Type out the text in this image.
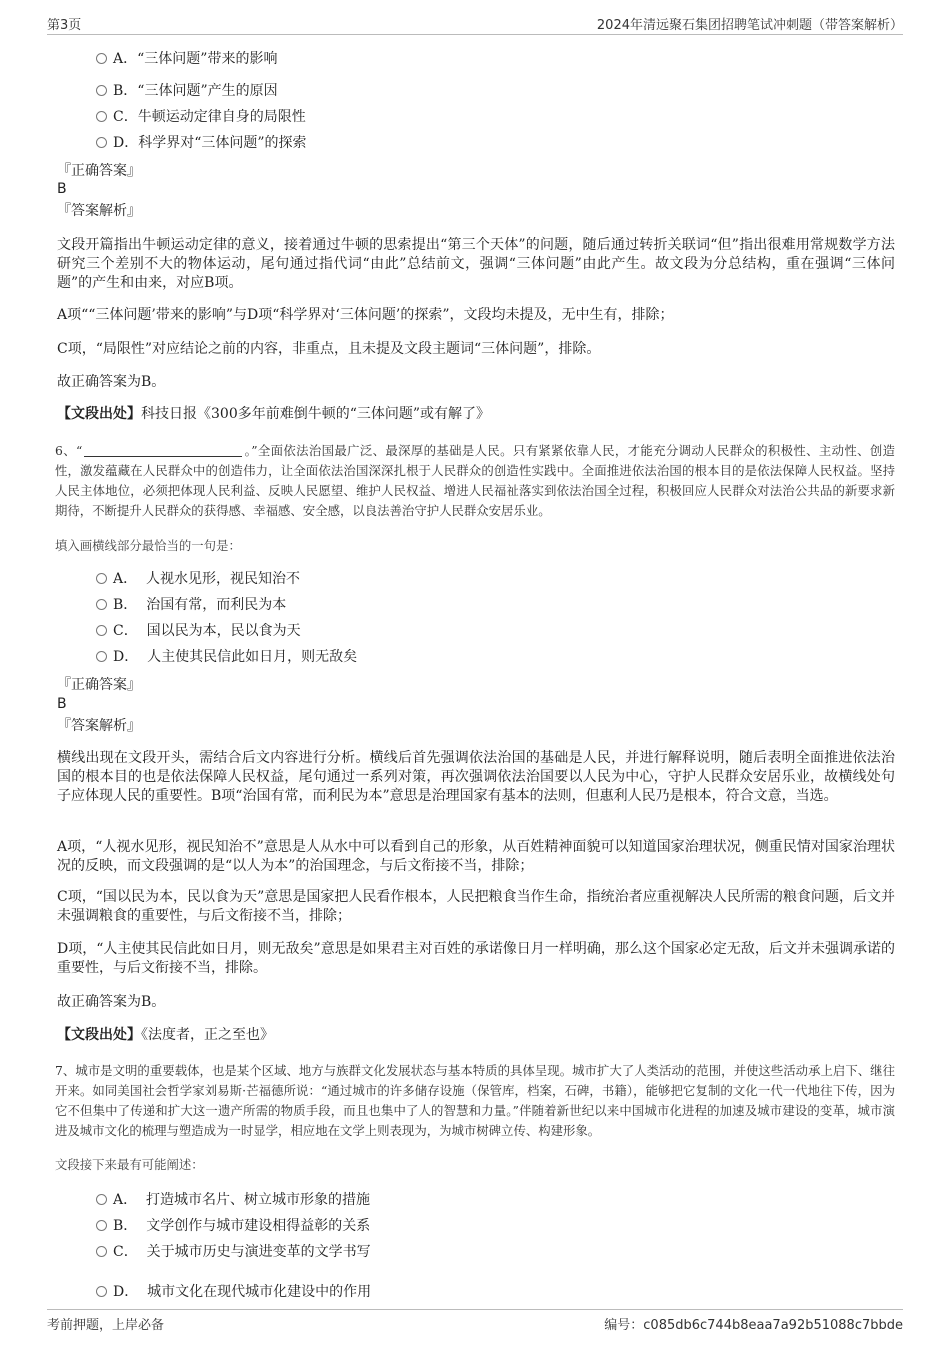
第3页	2024年清远聚石集团招聘笔试冲刺题（带答案解析）
A．“三体问题”带来的影响
B．“三体问题”产生的原因
C．牛顿运动定律自身的局限性
D．科学界对“三体问题”的探索
『正确答案』
B
『答案解析』
文段开篇指出牛顿运动定律的意义，接着通过牛顿的思索提出“第三个天体”的问题，随后通过转折关联词“但”指出很难用常规数学方法研究三个差别不大的物体运动，尾句通过指代词“由此”总结前文，强调“三体问题”由此产生。故文段为分总结构，重在强调“三体问题”的产生和由来，对应B项。
A项““三体问题’带来的影响”与D项“科学界对‘三体问题’的探索”，文段均未提及，无中生有，排除；
C项，“局限性”对应结论之前的内容，非重点，且未提及文段主题词“三体问题”，排除。
故正确答案为B。
【文段出处】科技日报《300多年前难倒牛顿的“三体问题”或有解了》
6、“	。”全面依法治国最广泛、最深厚的基础是人民。只有紧紧依靠人民，才能充分调动人民群众的积极性、主动性、创造性，激发蕴藏在人民群众中的创造伟力，让全面依法治国深深扎根于人民群众的创造性实践中。全面推进依法治国的根本目的是依法保障人民权益。坚持人民主体地位，必须把体现人民利益、反映人民愿望、维护人民权益、增进人民福祉落实到依法治国全过程，积极回应人民群众对法治公共品的新要求新期待，不断提升人民群众的获得感、幸福感、安全感，以良法善治守护人民群众安居乐业。
填入画横线部分最恰当的一句是：
A． 人视水见形，视民知治不
B． 治国有常，而利民为本
C． 国以民为本，民以食为天
D． 人主使其民信此如日月，则无敌矣
『正确答案』
B
『答案解析』
横线出现在文段开头，需结合后文内容进行分析。横线后首先强调依法治国的基础是人民，并进行解释说明，随后表明全面推进依法治国的根本目的也是依法保障人民权益，尾句通过一系列对策，再次强调依法治国要以人民为中心，守护人民群众安居乐业，故横线处句子应体现人民的重要性。B项“治国有常，而利民为本”意思是治理国家有基本的法则，但惠利人民乃是根本，符合文意，当选。
A项，“人视水见形，视民知治不”意思是人从水中可以看到自己的形象，从百姓精神面貌可以知道国家治理状况，侧重民情对国家治理状况的反映，而文段强调的是“以人为本”的治国理念，与后文衔接不当，排除；
C项，“国以民为本，民以食为天”意思是国家把人民看作根本，人民把粮食当作生命，指统治者应重视解决人民所需的粮食问题，后文并未强调粮食的重要性，与后文衔接不当，排除；
D项，“人主使其民信此如日月，则无敌矣”意思是如果君主对百姓的承诺像日月一样明确，那么这个国家必定无敌，后文并未强调承诺的重要性，与后文衔接不当，排除。
故正确答案为B。
【文段出处】《法度者，正之至也》
7、城市是文明的重要载体，也是某个区域、地方与族群文化发展状态与基本特质的具体呈现。城市扩大了人类活动的范围，并使这些活动承上启下、继往开来。如同美国社会哲学家刘易斯·芒福德所说：“通过城市的许多储存设施（保管库，档案，石碑，书籍），能够把它复制的文化一代一代地往下传，因为它不但集中了传递和扩大这一遗产所需的物质手段，而且也集中了人的智慧和力量。”伴随着新世纪以来中国城市化进程的加速及城市建设的变革，城市演进及城市文化的梳理与塑造成为一时显学，相应地在文学上则表现为，为城市树碑立传、构建形象。
文段接下来最有可能阐述：
A． 打造城市名片、树立城市形象的措施
B． 文学创作与城市建设相得益彰的关系
C． 关于城市历史与演进变革的文学书写
D． 城市文化在现代城市化建设中的作用
考前押题，上岸必备	编号：c085db6c744b8eaa7a92b51088c7bbde
